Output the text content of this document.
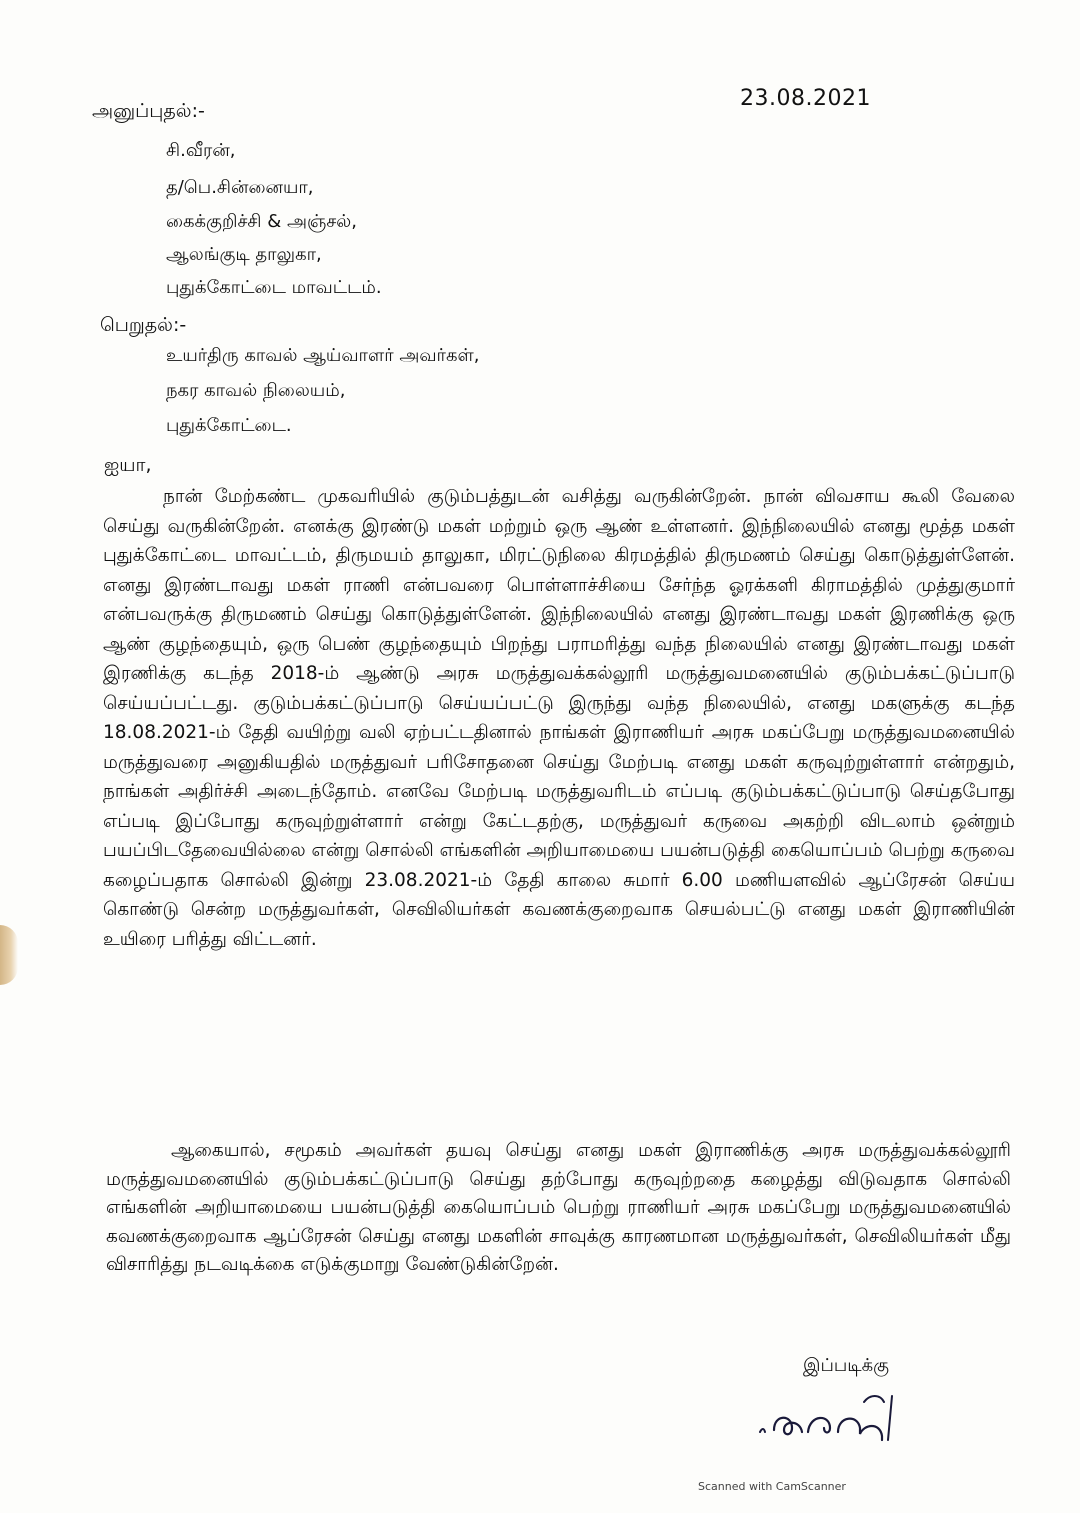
23.08.2021
அனுப்புதல்:-
சி.வீரன்,
த/பெ.சின்னையா,
கைக்குறிச்சி & அஞ்சல்,
ஆலங்குடி தாலுகா,
புதுக்கோட்டை மாவட்டம்.
பெறுதல்:-
உயர்திரு காவல் ஆய்வாளர் அவர்கள்,
நகர காவல் நிலையம்,
புதுக்கோட்டை.
ஐயா,

நான் மேற்கண்ட முகவரியில் குடும்பத்துடன் வசித்து வருகின்றேன். நான் விவசாய கூலி வேலை செய்து வருகின்றேன். எனக்கு இரண்டு மகள் மற்றும் ஒரு ஆண் உள்ளனர். இந்நிலையில் எனது மூத்த மகள் புதுக்கோட்டை மாவட்டம், திருமயம் தாலுகா, மிரட்டுநிலை கிரமத்தில் திருமணம் செய்து கொடுத்துள்ளேன். எனது இரண்டாவது மகள் ராணி என்பவரை பொள்ளாச்சியை சேர்ந்த ஓரக்களி கிராமத்தில் முத்துகுமார் என்பவருக்கு திருமணம் செய்து கொடுத்துள்ளேன். இந்நிலையில் எனது இரண்டாவது மகள் இரணிக்கு ஒரு ஆண் குழந்தையும், ஒரு பெண் குழந்தையும் பிறந்து பராமரித்து வந்த நிலையில் எனது இரண்டாவது மகள் இரணிக்கு கடந்த 2018-ம் ஆண்டு அரசு மருத்துவக்கல்லூரி மருத்துவமனையில் குடும்பக்கட்டுப்பாடு செய்யப்பட்டது. குடும்பக்கட்டுப்பாடு செய்யப்பட்டு இருந்து வந்த நிலையில், எனது மகளுக்கு கடந்த 18.08.2021-ம் தேதி வயிற்று வலி ஏற்பட்டதினால் நாங்கள் இராணியர் அரசு மகப்பேறு மருத்துவமனையில் மருத்துவரை அனுகியதில் மருத்துவர் பரிசோதனை செய்து மேற்படி எனது மகள் கருவுற்றுள்ளார் என்றதும், நாங்கள் அதிர்ச்சி அடைந்தோம். எனவே மேற்படி மருத்துவரிடம் எப்படி குடும்பக்கட்டுப்பாடு செய்தபோது எப்படி இப்போது கருவுற்றுள்ளார் என்று கேட்டதற்கு, மருத்துவர் கருவை அகற்றி விடலாம் ஒன்றும் பயப்பிடதேவையில்லை என்று சொல்லி எங்களின் அறியாமையை பயன்படுத்தி கையொப்பம் பெற்று கருவை கழைப்பதாக சொல்லி இன்று 23.08.2021-ம் தேதி காலை சுமார் 6.00 மணியளவில் ஆப்ரேசன் செய்ய கொண்டு சென்ற மருத்துவர்கள், செவிலியர்கள் கவணக்குறைவாக செயல்பட்டு எனது மகள் இராணியின் உயிரை பரித்து விட்டனர்.

ஆகையால், சமூகம் அவர்கள் தயவு செய்து எனது மகள் இராணிக்கு அரசு மருத்துவக்கல்லூரி மருத்துவமனையில் குடும்பக்கட்டுப்பாடு செய்து தற்போது கருவுற்றதை கழைத்து விடுவதாக சொல்லி எங்களின் அறியாமையை பயன்படுத்தி கையொப்பம் பெற்று ராணியர் அரசு மகப்பேறு மருத்துவமனையில் கவணக்குறைவாக ஆப்ரேசன் செய்து எனது மகளின் சாவுக்கு காரணமான மருத்துவர்கள், செவிலியர்கள் மீது விசாரித்து நடவடிக்கை எடுக்குமாறு வேண்டுகின்றேன்.

இப்படிக்கு
Scanned with CamScanner
